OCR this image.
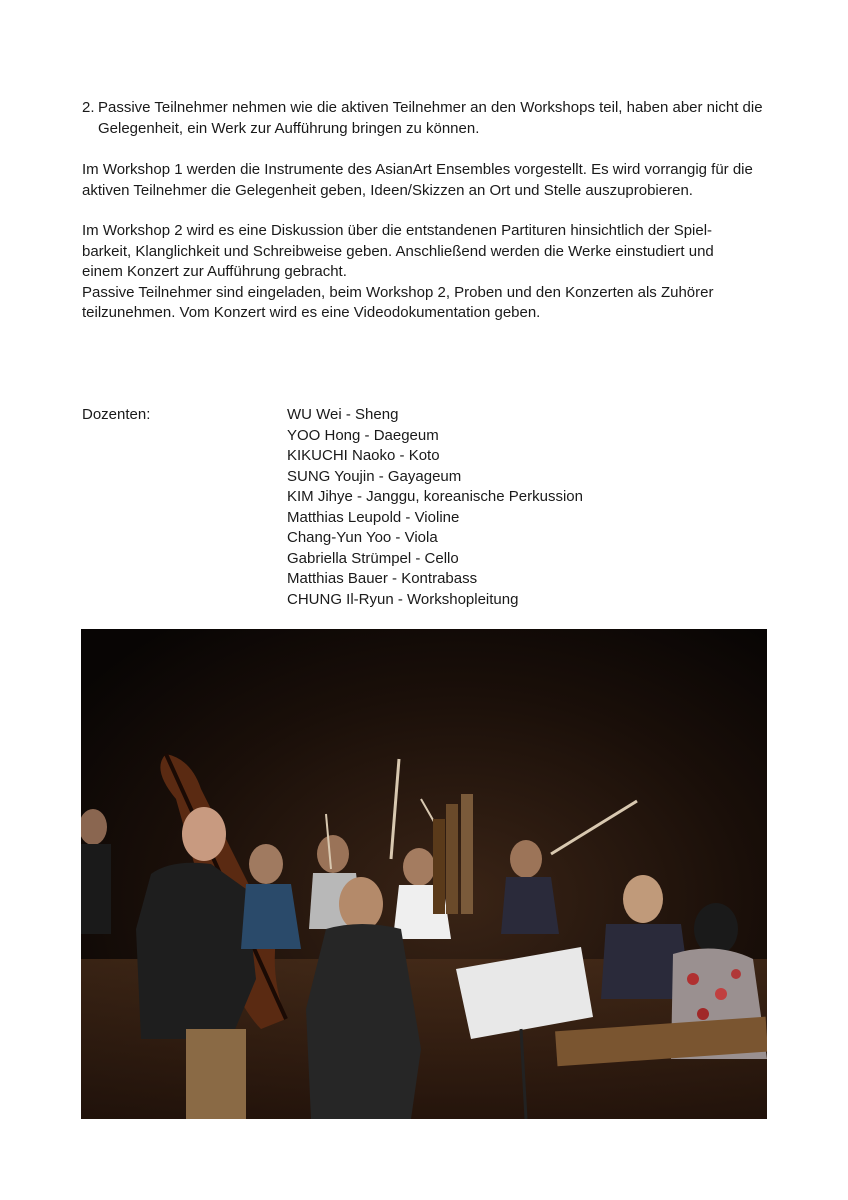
2. Passive Teilnehmer nehmen wie die aktiven Teilnehmer an den Workshops teil, haben aber nicht die Gelegenheit, ein Werk zur Aufführung bringen zu können.

Im Workshop 1 werden die Instrumente des AsianArt Ensembles vorgestellt. Es wird vorrangig für die aktiven Teilnehmer die Gelegenheit geben, Ideen/Skizzen an Ort und Stelle auszuprobieren.

Im Workshop 2 wird es eine Diskussion über die entstandenen Partituren hinsichtlich der Spiel-
barkeit, Klanglichkeit und Schreibweise geben. Anschließend werden die Werke einstudiert und
einem Konzert zur Aufführung gebracht.
Passive Teilnehmer sind eingeladen, beim Workshop 2, Proben und den Konzerten als Zuhörer
teilzunehmen. Vom Konzert wird es eine Videodokumentation geben.
Dozenten:	WU Wei - Sheng
YOO Hong - Daegeum
KIKUCHI Naoko - Koto
SUNG Youjin - Gayageum
KIM Jihye - Janggu, koreanische Perkussion
Matthias Leupold - Violine
Chang-Yun Yoo - Viola
Gabriella Strümpel - Cello
Matthias Bauer - Kontrabass
CHUNG Il-Ryun - Workshopleitung
